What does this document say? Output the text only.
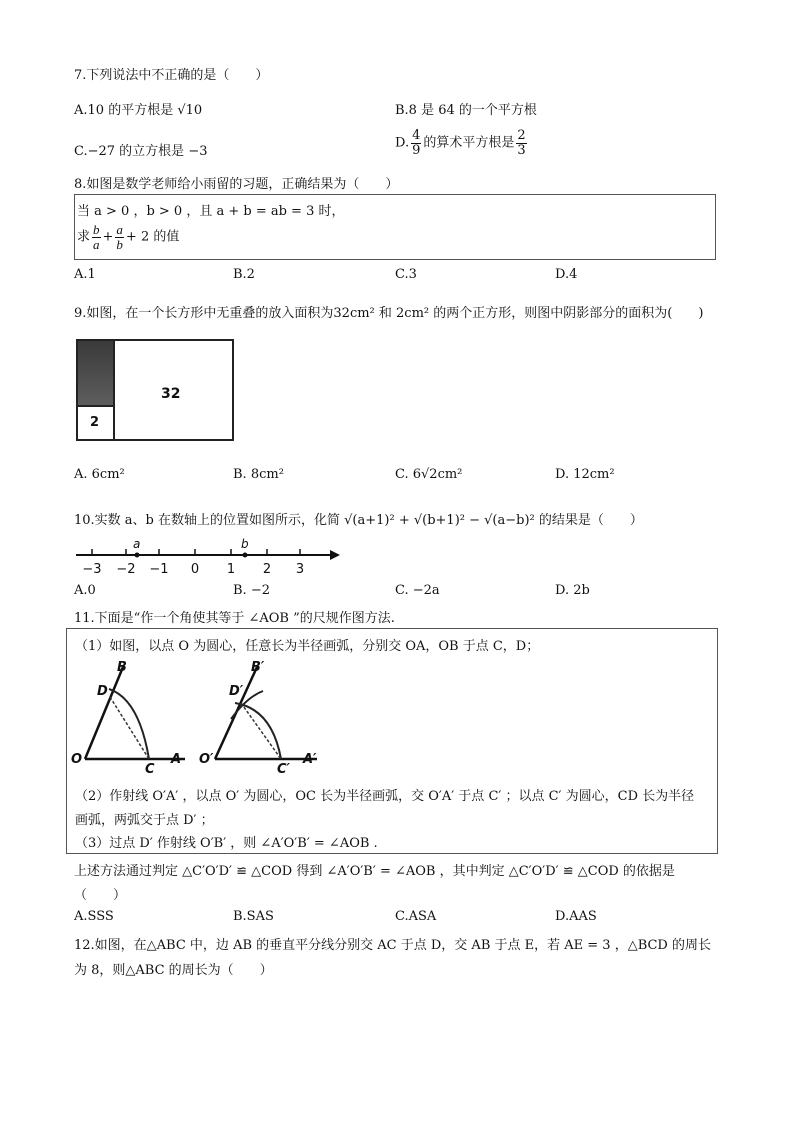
7.下列说法中不正确的是（　　）
A.10 的平方根是 √10	B.8 是 64 的一个平方根
C.−27 的立方根是 −3
D. $\frac{4}{9}$ 的算术平方根是 $\frac{2}{3}$
8.如图是数学老师给小雨留的习题，正确结果为（　　）
当 a > 0 ，b > 0 ，且 a + b = ab = 3 时，
求 $\frac{b}{a} + \frac{a}{b} + 2$ 的值
A.1	B.2	C.3	D.4
9.如图，在一个长方形中无重叠的放入面积为32cm² 和 2cm² 的两个正方形，则图中阴影部分的面积为(　　)
32
2
A. 6cm²	B. 8cm²	C. 6√2cm²	D. 12cm²
10.实数 a、b 在数轴上的位置如图所示，化简 √(a+1)² + √(b+1)² − √(a−b)² 的结果是（　　）
a	b
−3 −2 −1 0 1 2 3
A.0	B. −2	C. −2a	D. 2b
11.下面是“作一个角使其等于 ∠AOB ”的尺规作图方法.
（1）如图，以点 O 为圆心，任意长为半径画弧，分别交 OA，OB 于点 C，D；
B
D
O
C
A
B′
D′
O′
C′
A′
（2）作射线 O′A′ ，以点 O′ 为圆心，OC 长为半径画弧，交 O′A′ 于点 C′ ；以点 C′ 为圆心，CD 长为半径
画弧，两弧交于点 D′ ；
（3）过点 D′ 作射线 O′B′ ，则 ∠A′O′B′ = ∠AOB .
上述方法通过判定 △C′O′D′ ≌ △COD 得到 ∠A′O′B′ = ∠AOB ，其中判定 △C′O′D′ ≌ △COD 的依据是
（　　）
A.SSS	B.SAS	C.ASA	D.AAS
12.如图，在△ABC 中，边 AB 的垂直平分线分别交 AC 于点 D，交 AB 于点 E，若 AE = 3 ，△BCD 的周长
为 8，则△ABC 的周长为（　　）
